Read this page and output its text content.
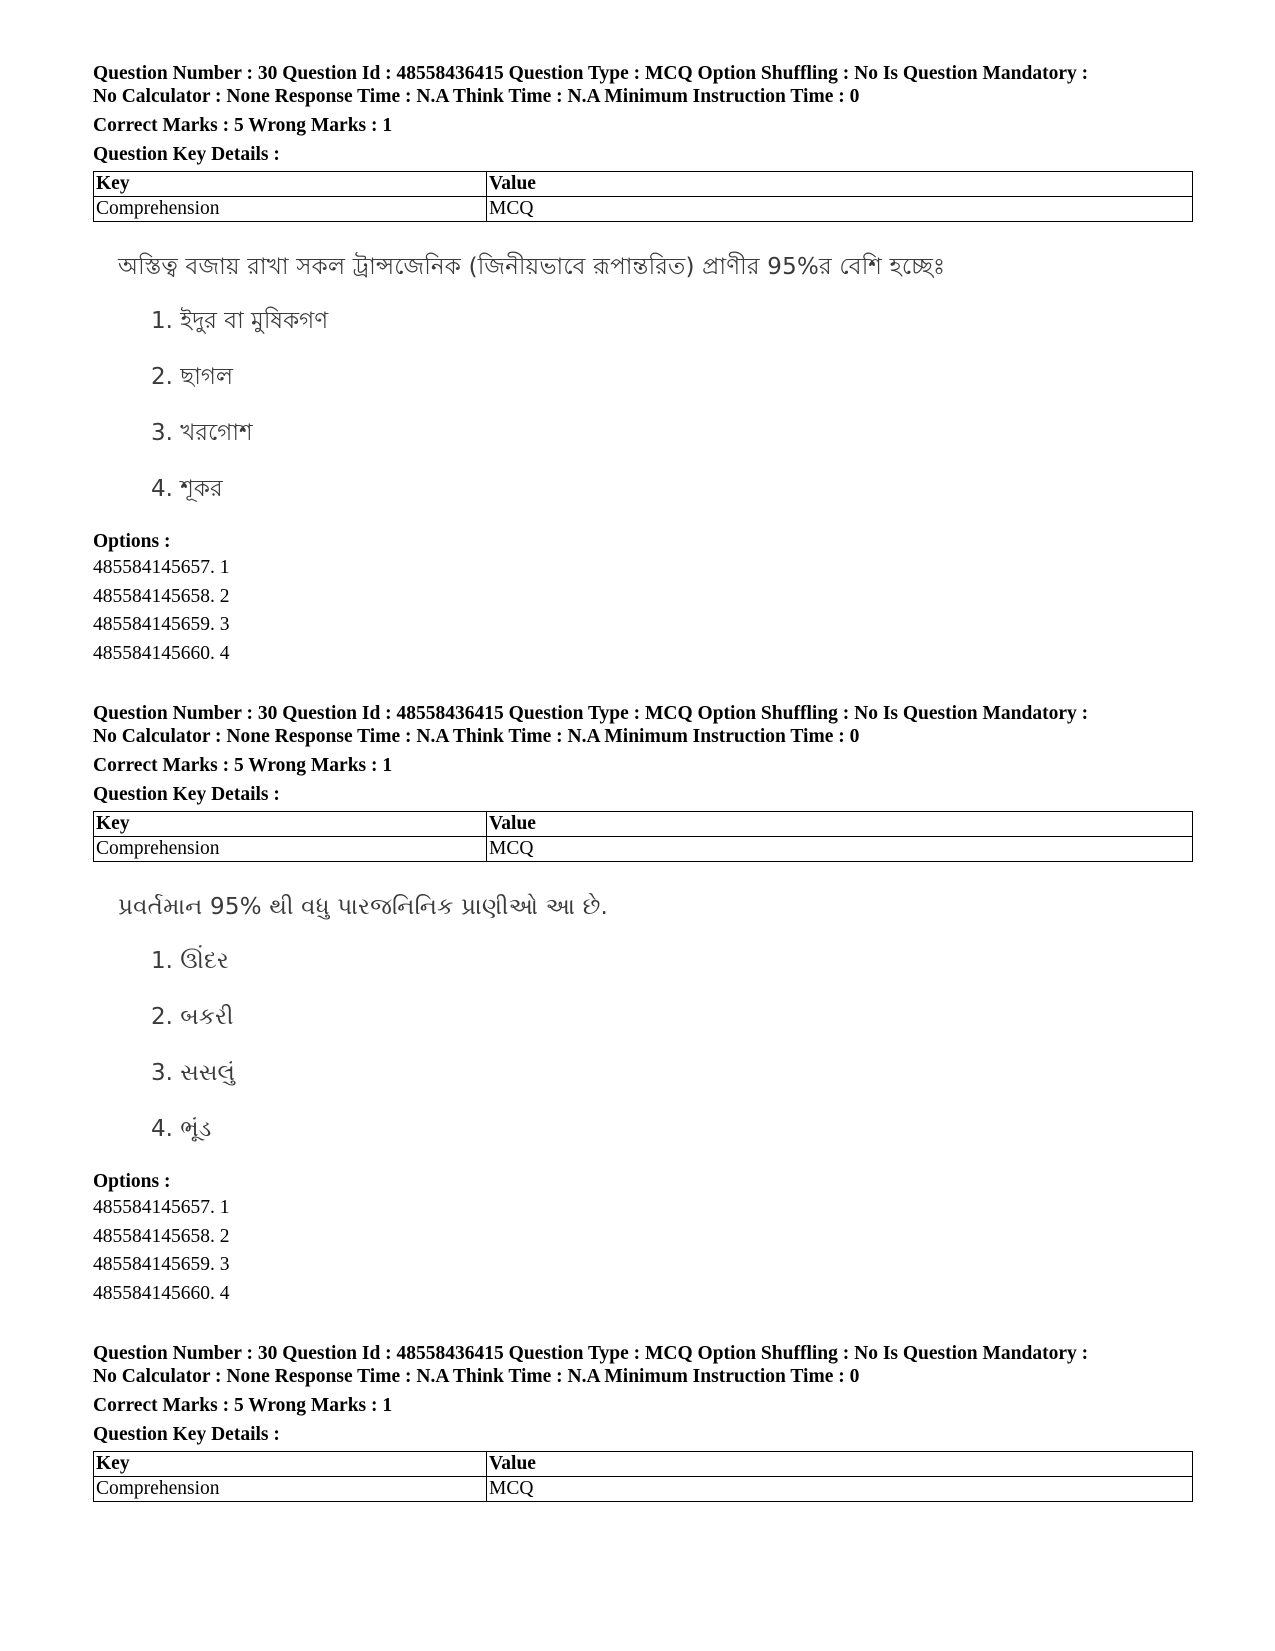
Question Number : 30 Question Id : 48558436415 Question Type : MCQ Option Shuffling : No Is Question Mandatory :
No Calculator : None Response Time : N.A Think Time : N.A Minimum Instruction Time : 0
Correct Marks : 5 Wrong Marks : 1
Question Key Details :
Key	Value
Comprehension	MCQ
অস্তিত্ব বজায় রাখা সকল ট্রান্সজেনিক (জিনীয়ভাবে রূপান্তরিত) প্রাণীর 95%র বেশি হচ্ছেঃ
1. ইদুর বা মুষিকগণ
2. ছাগল
3. খরগোশ
4. শূকর
Options :
485584145657. 1
485584145658. 2
485584145659. 3
485584145660. 4
Question Number : 30 Question Id : 48558436415 Question Type : MCQ Option Shuffling : No Is Question Mandatory :
No Calculator : None Response Time : N.A Think Time : N.A Minimum Instruction Time : 0
Correct Marks : 5 Wrong Marks : 1
Question Key Details :
Key	Value
Comprehension	MCQ
પ્રવર્તમાન 95% થી વધુ પારજનિનિક પ્રાણીઓ આ છે.
1. ઊંદર
2. બકરી
3. સસલું
4. ભૂંડ
Options :
485584145657. 1
485584145658. 2
485584145659. 3
485584145660. 4
Question Number : 30 Question Id : 48558436415 Question Type : MCQ Option Shuffling : No Is Question Mandatory :
No Calculator : None Response Time : N.A Think Time : N.A Minimum Instruction Time : 0
Correct Marks : 5 Wrong Marks : 1
Question Key Details :
Key	Value
Comprehension	MCQ
